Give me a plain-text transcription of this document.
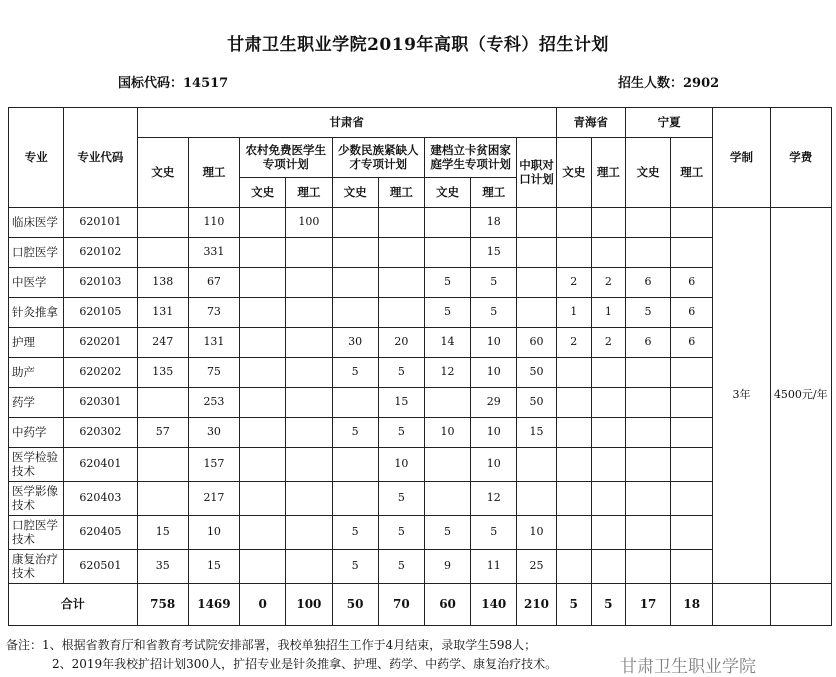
甘肃卫生职业学院2019年高职（专科）招生计划
国标代码：14517	招生人数：2902
专业	专业代码	甘肃省									青海省		宁夏		学制	学费
		文史	理工	农村免费医学生专项计划		少数民族紧缺人才专项计划		建档立卡贫困家庭学生专项计划		中职对口计划	文史	理工	文史	理工		
				文史	理工	文史	理工	文史	理工							
临床医学	620101		110		100				18						3年	4500元/年
口腔医学	620102		331						15							
中医学	620103	138	67					5	5		2	2	6	6		
针灸推拿	620105	131	73					5	5		1	1	5	6		
护理	620201	247	131			30	20	14	10	60	2	2	6	6		
助产	620202	135	75			5	5	12	10	50						
药学	620301		253				15		29	50						
中药学	620302	57	30			5	5	10	10	15						
医学检验技术	620401		157				10		10							
医学影像技术	620403		217				5		12							
口腔医学技术	620405	15	10			5	5	5	5	10						
康复治疗技术	620501	35	15			5	5	9	11	25						
合计		758	1469	0	100	50	70	60	140	210	5	5	17	18		
备注：1、根据省教育厅和省教育考试院安排部署，我校单独招生工作于4月结束，录取学生598人；
2、2019年我校扩招计划300人，扩招专业是针灸推拿、护理、药学、中药学、康复治疗技术。	甘肃卫生职业学院
